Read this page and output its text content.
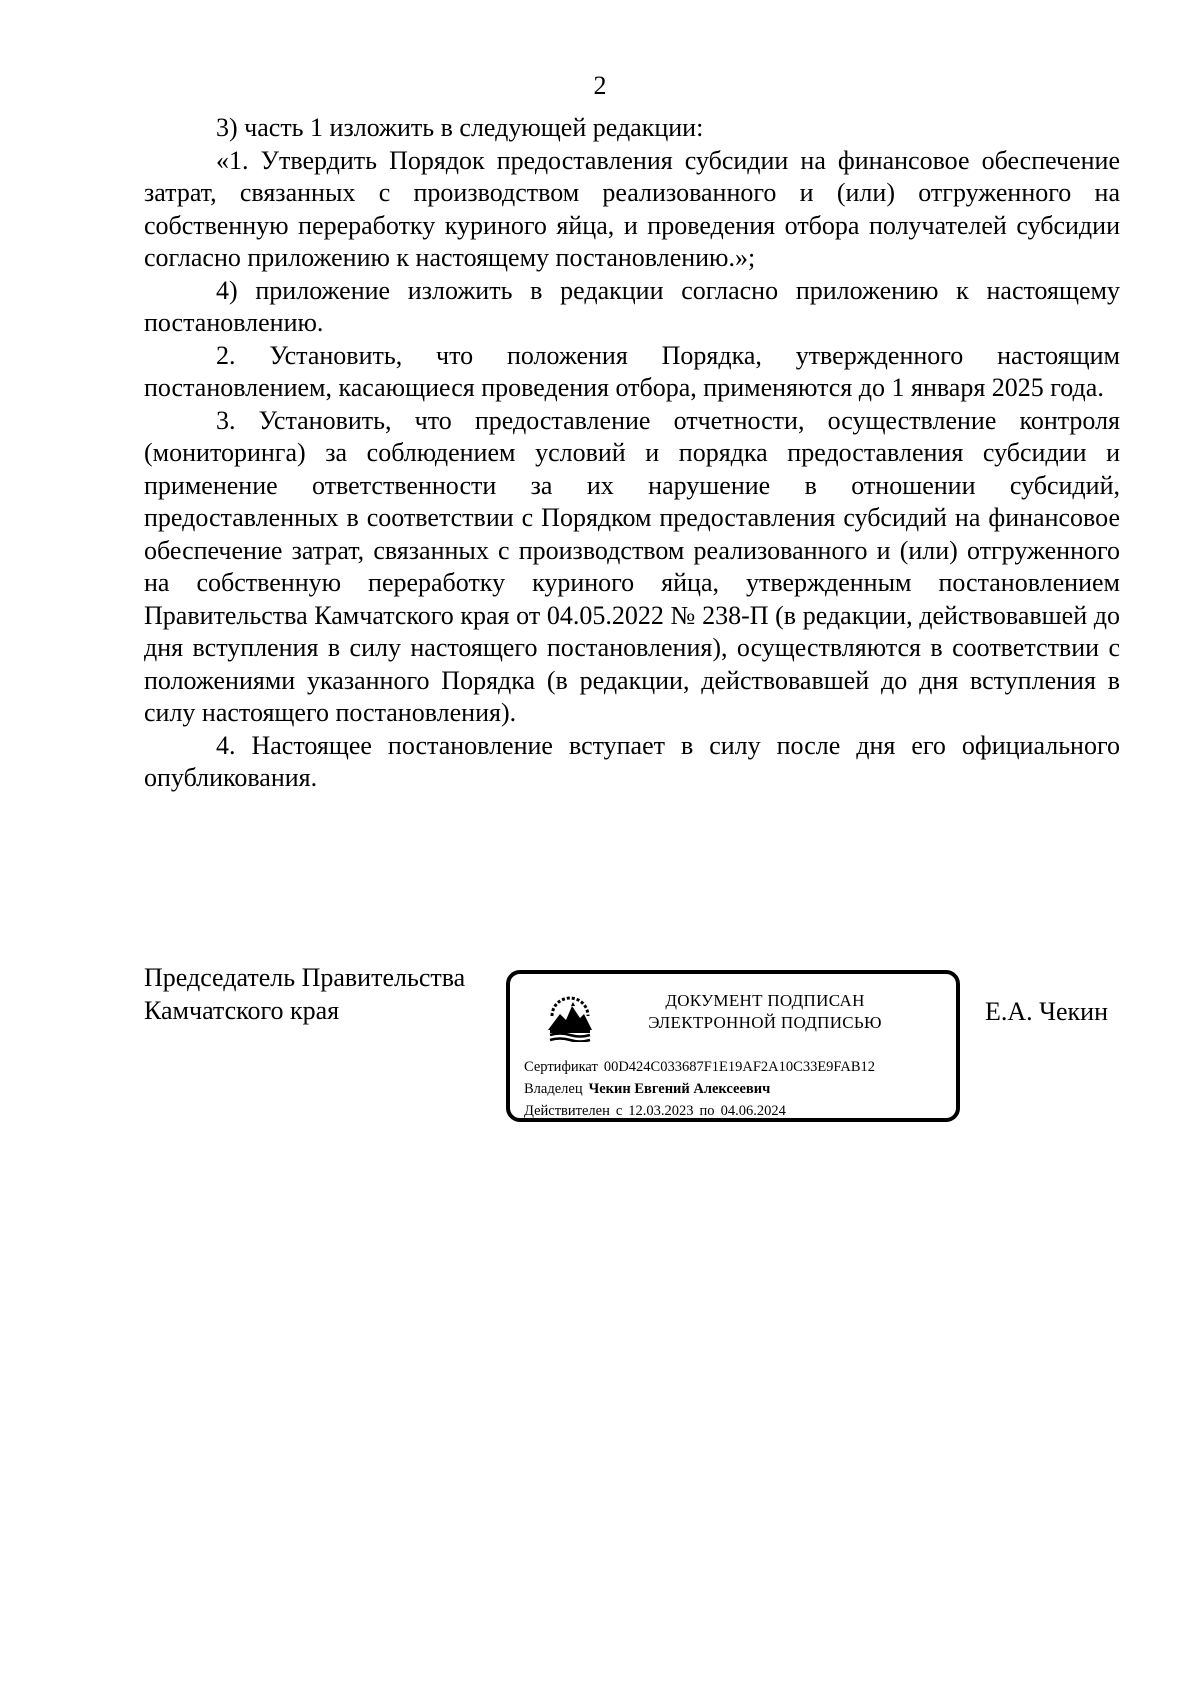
2

3) часть 1 изложить в следующей редакции:

«1. Утвердить Порядок предоставления субсидии на финансовое обеспечение затрат, связанных с производством реализованного и (или) отгруженного на собственную переработку куриного яйца, и проведения отбора получателей субсидии согласно приложению к настоящему постановлению.»;

4) приложение изложить в редакции согласно приложению к настоящему постановлению.

2. Установить, что положения Порядка, утвержденного настоящим постановлением, касающиеся проведения отбора, применяются до 1 января 2025 года.

3. Установить, что предоставление отчетности, осуществление контроля (мониторинга) за соблюдением условий и порядка предоставления субсидии и применение ответственности за их нарушение в отношении субсидий, предоставленных в соответствии с Порядком предоставления субсидий на финансовое обеспечение затрат, связанных с производством реализованного и (или) отгруженного на собственную переработку куриного яйца, утвержденным постановлением Правительства Камчатского края от 04.05.2022 № 238-П (в редакции, действовавшей до дня вступления в силу настоящего постановления), осуществляются в соответствии с положениями указанного Порядка (в редакции, действовавшей до дня вступления в силу настоящего постановления).

4. Настоящее постановление вступает в силу после дня его официального опубликования.

Председатель Правительства
Камчатского края	ДОКУМЕНТ ПОДПИСАН
ЭЛЕКТРОННОЙ ПОДПИСЬЮ
Сертификат 00D424C033687F1E19AF2A10C33E9FAB12
Владелец Чекин Евгений Алексеевич
Действителен с 12.03.2023 по 04.06.2024
Е.А. Чекин
